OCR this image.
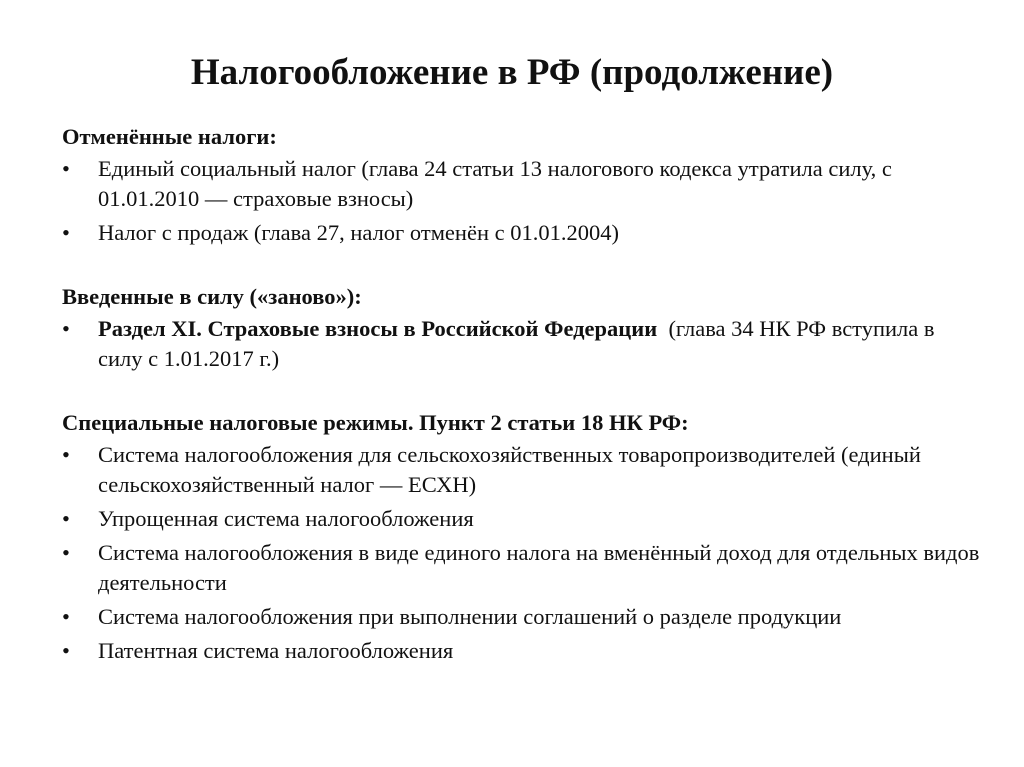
Налогообложение в РФ (продолжение)
Отменённые налоги:
•	Единый социальный налог (глава 24 статьи 13 налогового кодекса утратила силу, с 01.01.2010 — страховые взносы)
•	Налог с продаж (глава 27, налог отменён с 01.01.2004)
Введенные в силу («заново»):
•	Раздел XI. Страховые взносы в Российской Федерации  (глава 34 НК РФ вступила в силу с 1.01.2017 г.)
Специальные налоговые режимы. Пункт 2 статьи 18 НК РФ:
•	Система налогообложения для сельскохозяйственных товаропроизводителей (единый сельскохозяйственный налог — ЕСХН)
•	Упрощенная система налогообложения
•	Система налогообложения в виде единого налога на вменённый доход для отдельных видов деятельности
•	Система налогообложения при выполнении соглашений о разделе продукции
•	Патентная система налогообложения
